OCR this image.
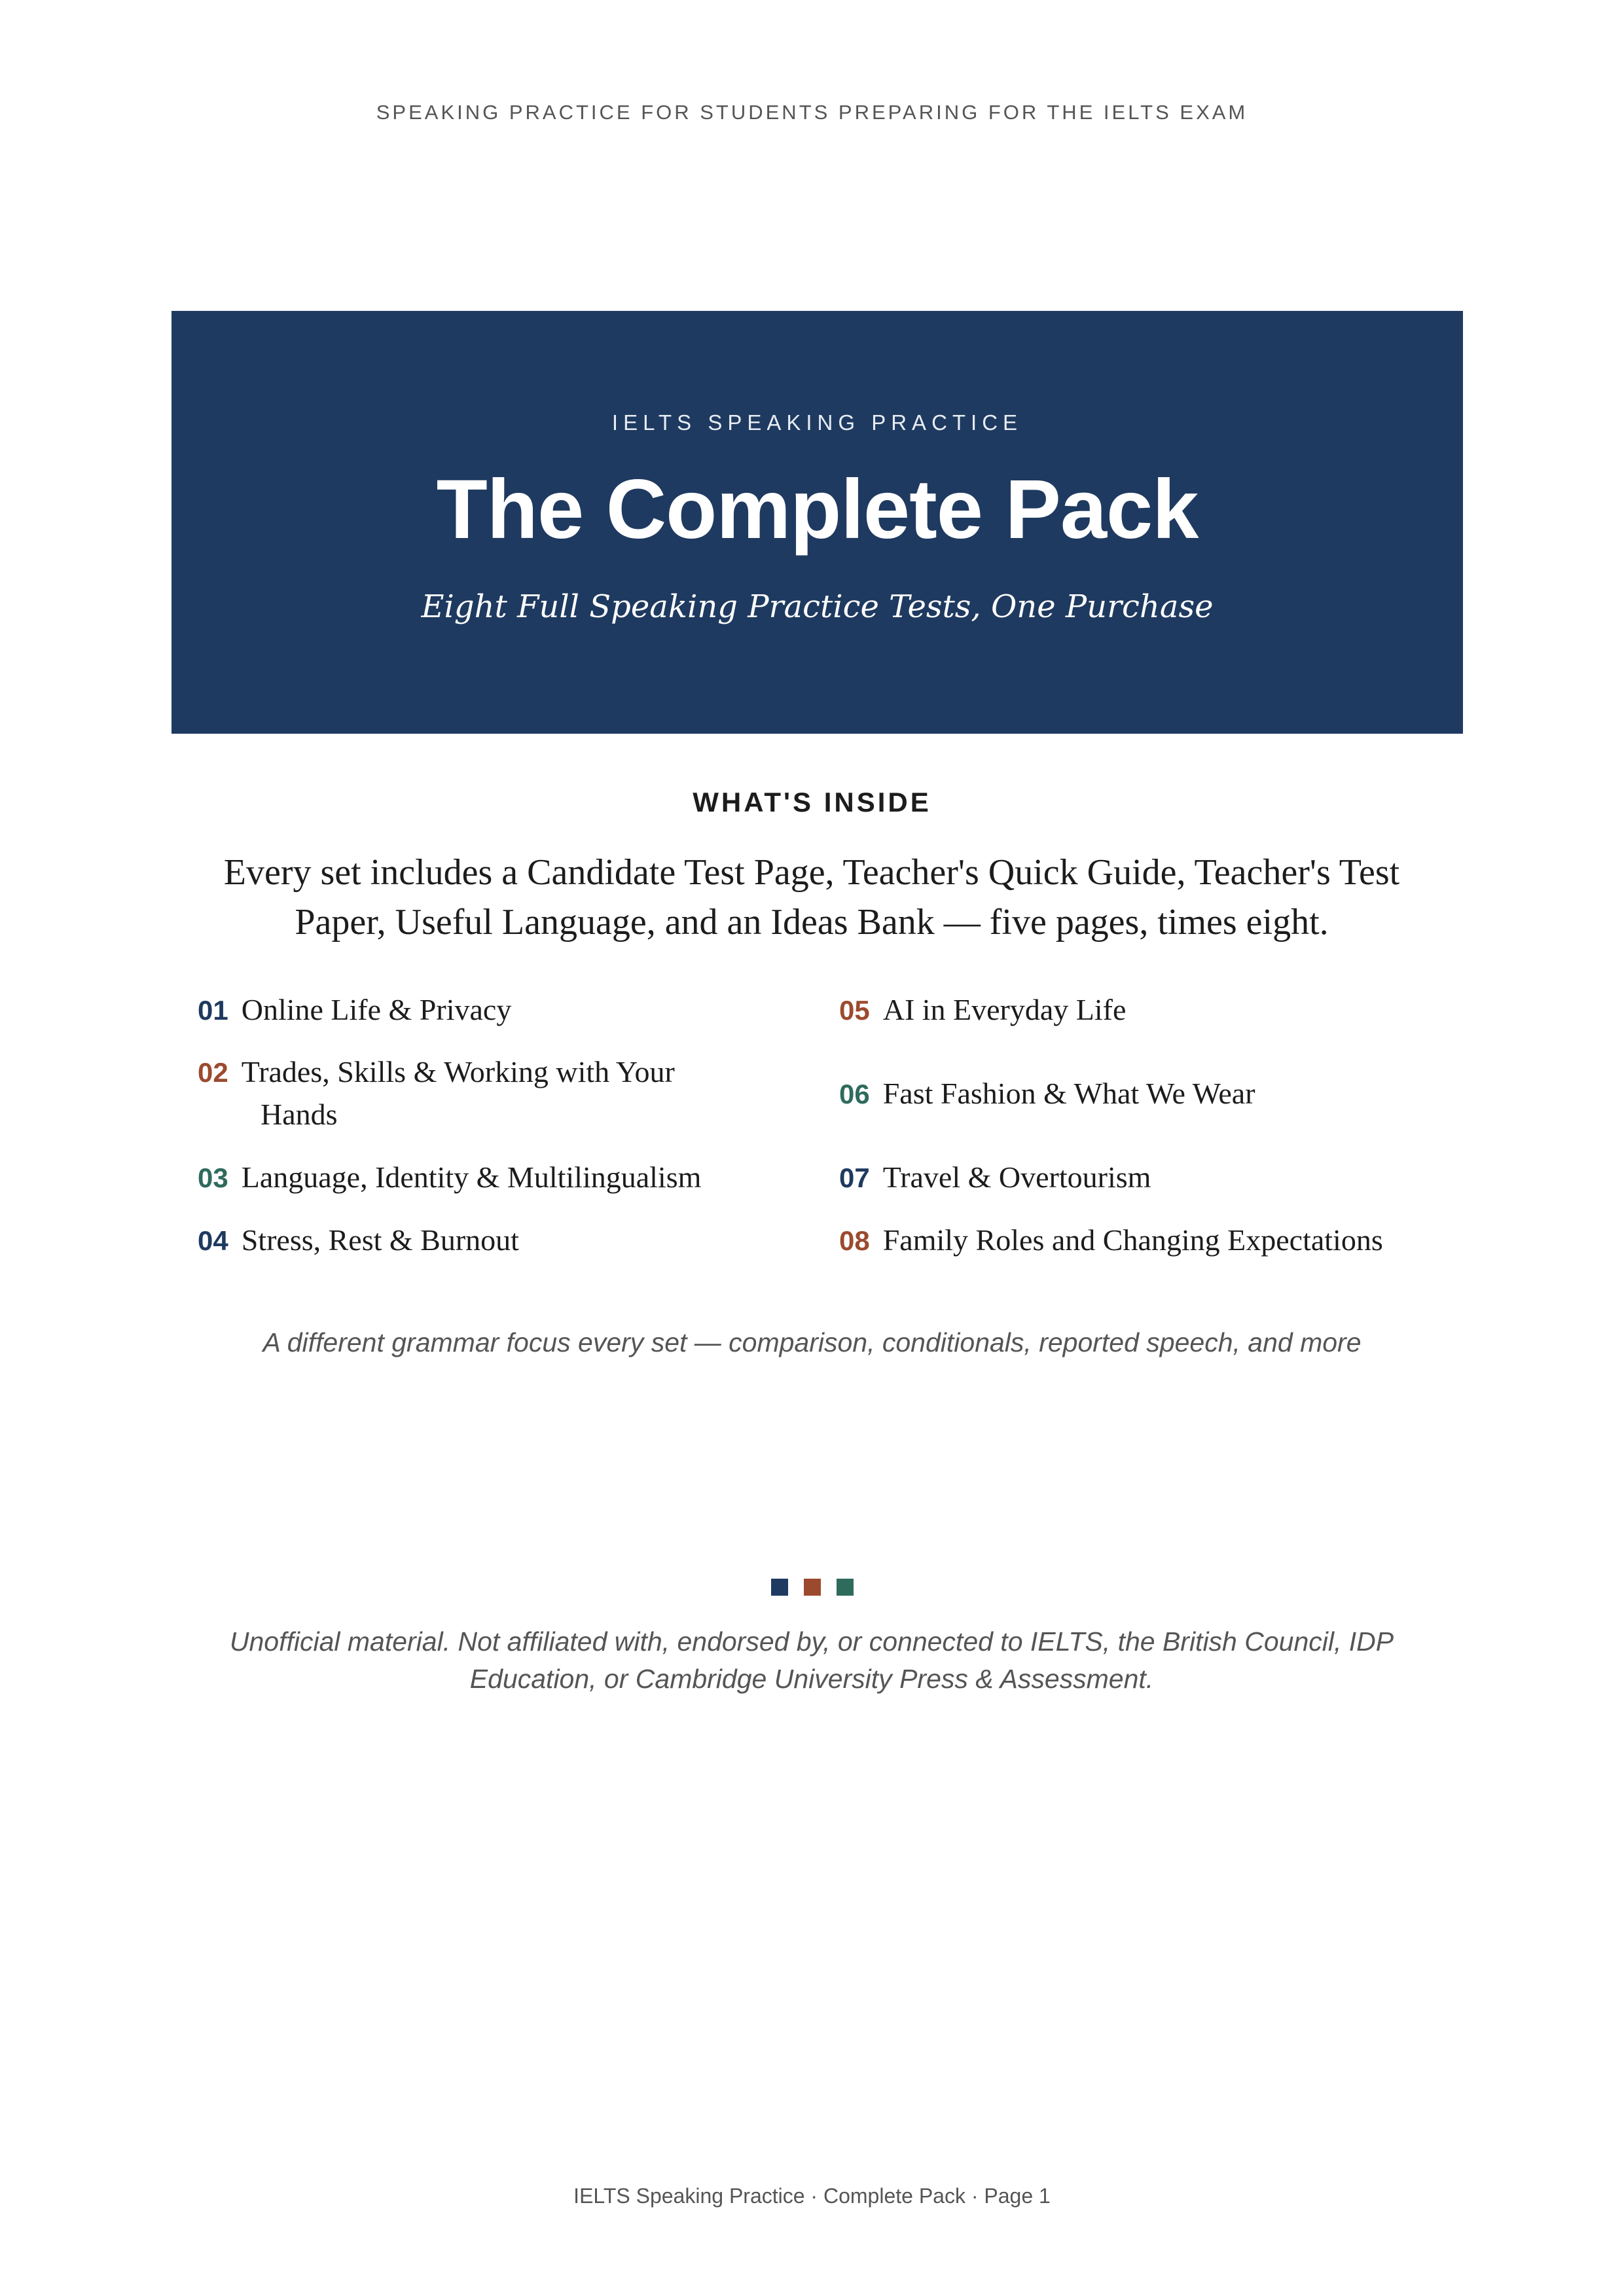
SPEAKING PRACTICE FOR STUDENTS PREPARING FOR THE IELTS EXAM
IELTS SPEAKING PRACTICE
The Complete Pack
Eight Full Speaking Practice Tests, One Purchase
WHAT'S INSIDE
Every set includes a Candidate Test Page, Teacher's Quick Guide, Teacher's Test Paper, Useful Language, and an Ideas Bank — five pages, times eight.
01 Online Life & Privacy
02 Trades, Skills & Working with Your
Hands
03 Language, Identity & Multilingualism
04 Stress, Rest & Burnout
05 AI in Everyday Life
06 Fast Fashion & What We Wear
07 Travel & Overtourism
08 Family Roles and Changing Expectations
A different grammar focus every set — comparison, conditionals, reported speech, and more
Unofficial material. Not affiliated with, endorsed by, or connected to IELTS, the British Council, IDP Education, or Cambridge University Press & Assessment.
IELTS Speaking Practice · Complete Pack · Page 1
